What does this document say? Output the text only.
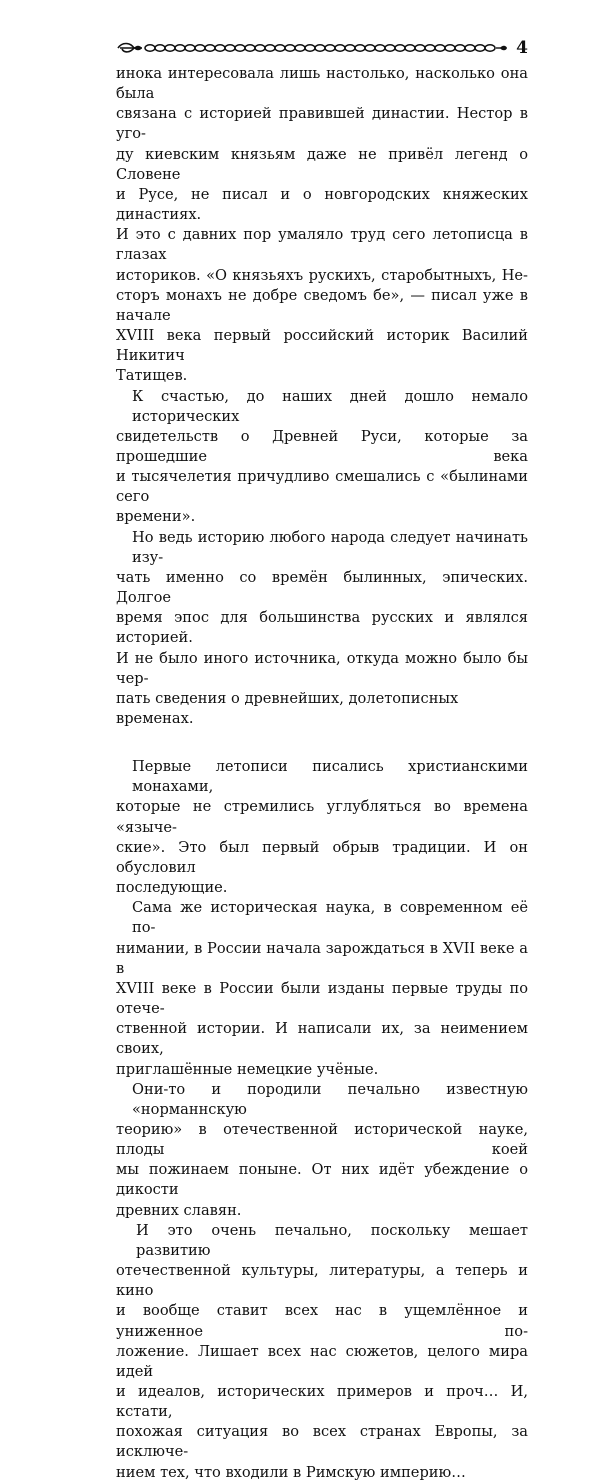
4

инока интересовала лишь настолько, насколько она была
связана с историей правившей династии. Нестор в уго-
ду киевским князьям даже не привёл легенд о Словене
и Русе, не писал и о новгородских княжеских династиях.
И это с давних пор умаляло труд сего летописца в глазах
историков. «О князьяхъ рускихъ, старобытныхъ, Не-
сторъ монахъ не добре сведомъ бе», — писал уже в начале
XVIII века первый российский историк Василий Никитич
Татищев.

К счастью, до наших дней дошло немало исторических
свидетельств о Древней Руси, которые за прошедшие века
и тысячелетия причудливо смешались с «былинами сего
времени».

Но ведь историю любого народа следует начинать изу-
чать именно со времён былинных, эпических. Долгое
время эпос для большинства русских и являлся историей.
И не было иного источника, откуда можно было бы чер-
пать сведения о древнейших, долетописных временах.

Первые летописи писались христианскими монахами,
которые не стремились углубляться во времена «языче-
ские». Это был первый обрыв традиции. И он обусловил
последующие.

Сама же историческая наука, в современном её по-
нимании, в России начала зарождаться в XVII веке а в
XVIII веке в России были изданы первые труды по отече-
ственной истории. И написали их, за неимением своих,
приглашённые немецкие учёные.

Они-то и породили печально известную «норманнскую
теорию» в отечественной исторической науке, плоды коей
мы пожинаем поныне. От них идёт убеждение о дикости
древних славян.

И это очень печально, поскольку мешает развитию
отечественной культуры, литературы, а теперь и кино
и вообще ставит всех нас в ущемлённое и униженное по-
ложение. Лишает всех нас сюжетов, целого мира идей
и идеалов, исторических примеров и проч… И, кстати,
похожая ситуация во всех странах Европы, за исключе-
нием тех, что входили в Римскую империю…
